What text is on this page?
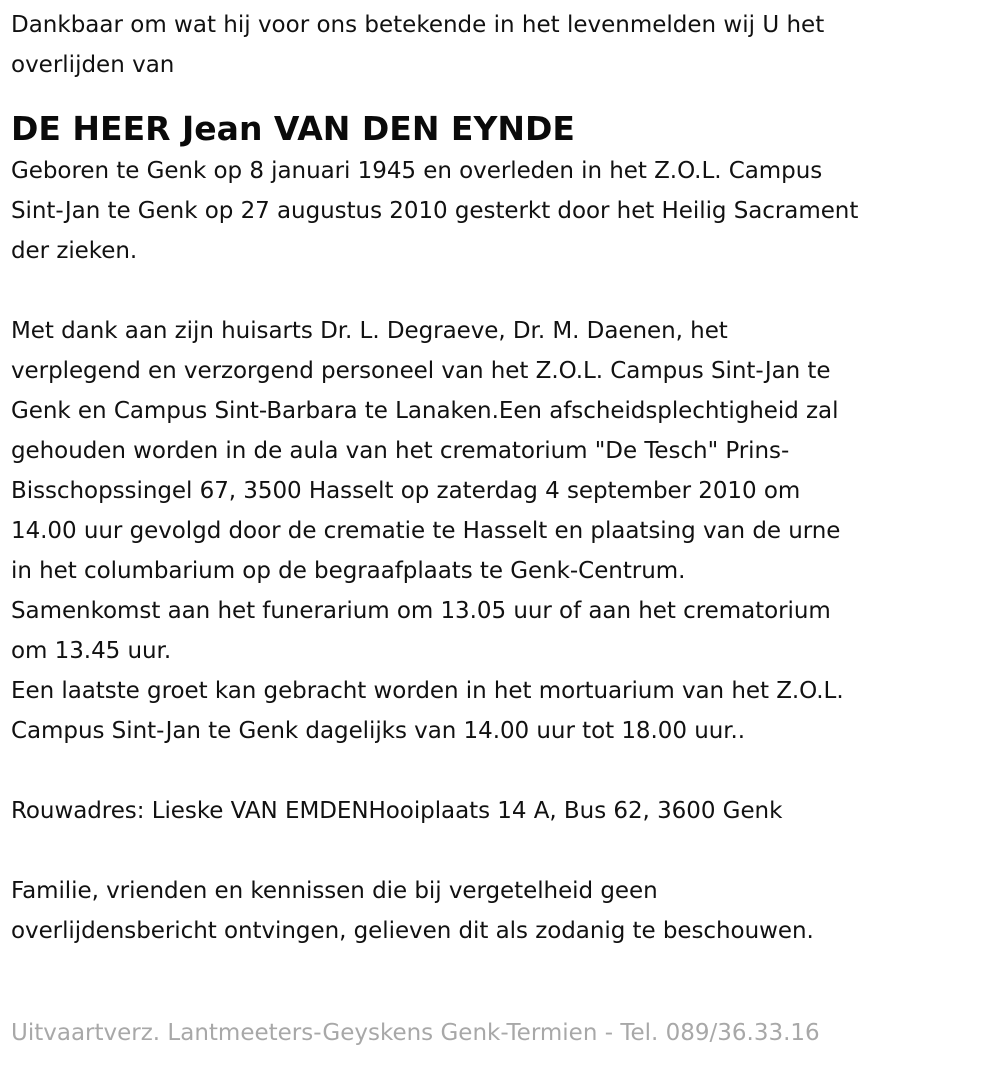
Dankbaar om wat hij voor ons betekende in het levenmelden wij U het
overlijden van

DE HEER Jean VAN DEN EYNDE

Geboren te Genk op 8 januari 1945 en overleden in het Z.O.L. Campus
Sint-Jan te Genk op 27 augustus 2010 gesterkt door het Heilig Sacrament
der zieken.

Met dank aan zijn huisarts Dr. L. Degraeve, Dr. M. Daenen, het
verplegend en verzorgend personeel van het Z.O.L. Campus Sint-Jan te
Genk en Campus Sint-Barbara te Lanaken.Een afscheidsplechtigheid zal
gehouden worden in de aula van het crematorium "De Tesch" Prins-
Bisschopssingel 67, 3500 Hasselt op zaterdag 4 september 2010 om
14.00 uur gevolgd door de crematie te Hasselt en plaatsing van de urne
in het columbarium op de begraafplaats te Genk-Centrum.
Samenkomst aan het funerarium om 13.05 uur of aan het crematorium
om 13.45 uur.
Een laatste groet kan gebracht worden in het mortuarium van het Z.O.L.
Campus Sint-Jan te Genk dagelijks van 14.00 uur tot 18.00 uur..

Rouwadres: Lieske VAN EMDENHooiplaats 14 A, Bus 62, 3600 Genk

Familie, vrienden en kennissen die bij vergetelheid geen
overlijdensbericht ontvingen, gelieven dit als zodanig te beschouwen.

Uitvaartverz. Lantmeeters-Geyskens Genk-Termien - Tel. 089/36.33.16
